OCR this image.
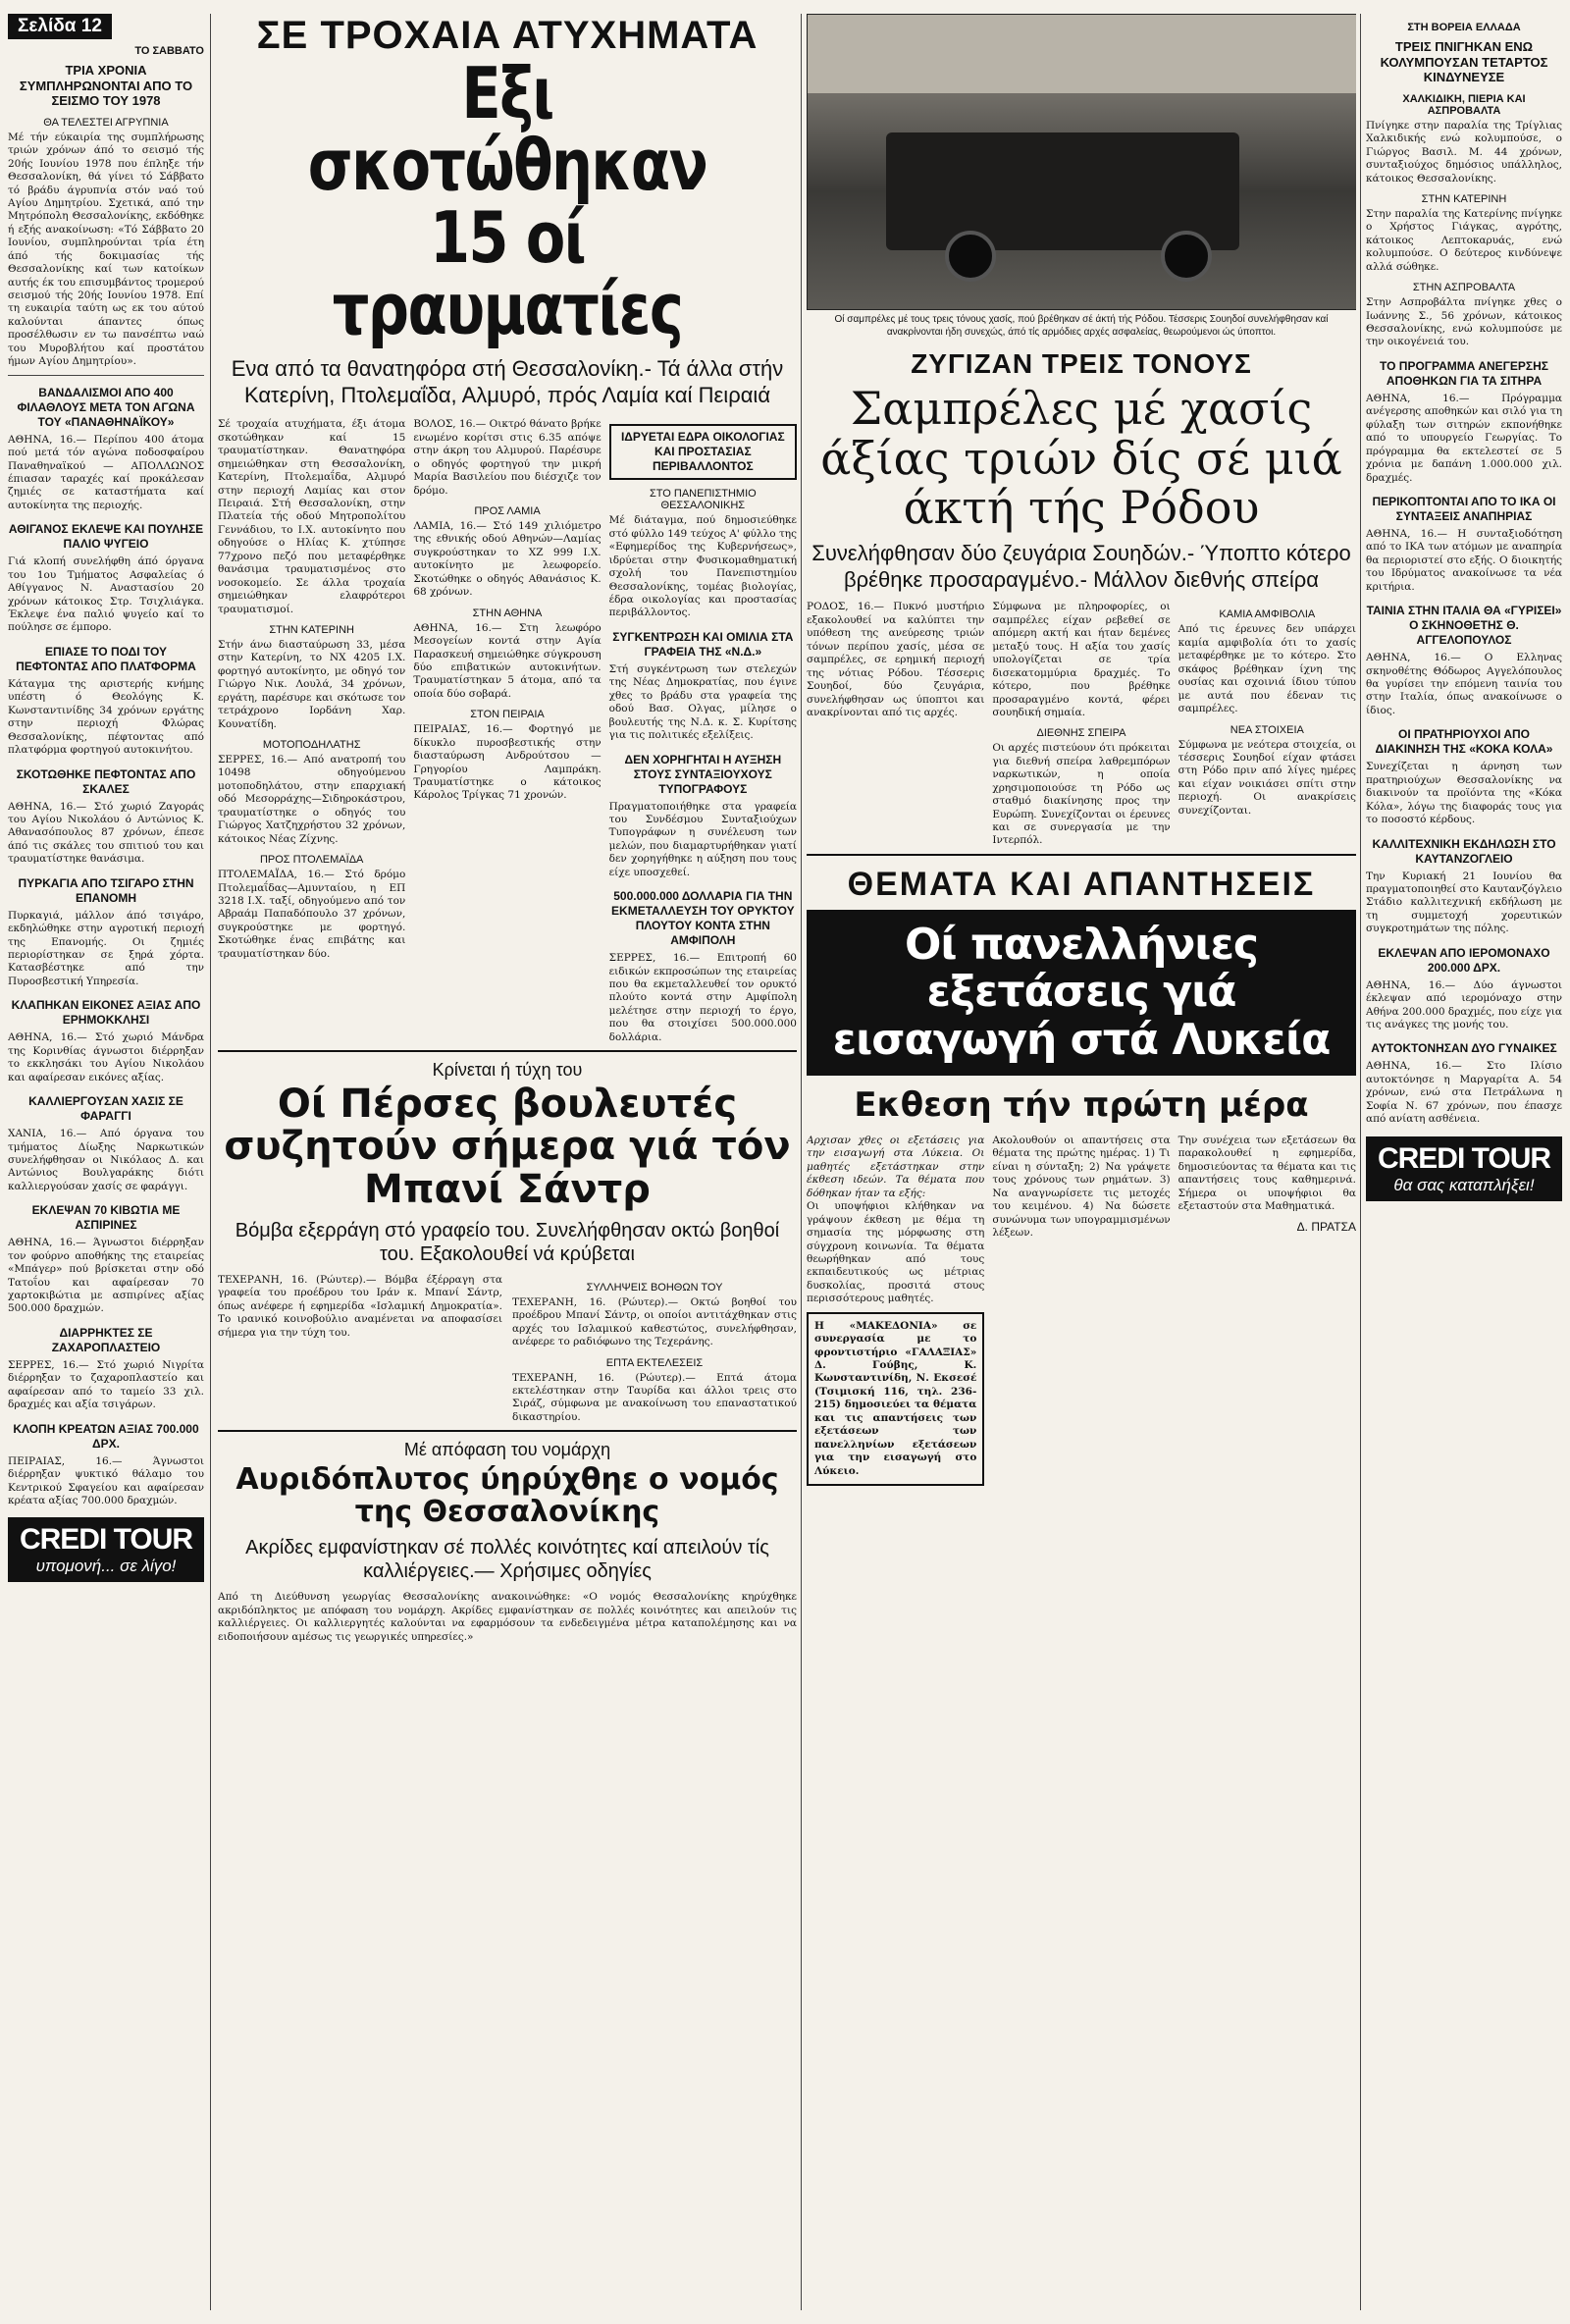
Σελίδα 12
ΤΟ ΣΑΒΒΑΤΟ
ΤΡΙΑ ΧΡΟΝΙΑ ΣΥΜΠΛΗΡΩΝΟΝΤΑΙ ΑΠΟ ΤΟ ΣΕΙΣΜΟ ΤΟΥ 1978
ΘΑ ΤΕΛΕΣΤΕΙ ΑΓΡΥΠΝΙΑ

Μέ τήν εύκαιρία της συμπλήρωσης τριών χρόνων άπό το σεισμό τής 20ής Ιουνίου 1978 που έπληξε τήν Θεσσαλονίκη, θά γίνει τό Σάββατο τό βράδυ άγρυπνία στόν ναό τού Αγίου Δημητρίου. Σχετικά, από την Μητρόπολη Θεσσαλονίκης, εκδόθηκε ή εξής ανακοίνωση: «Τό Σάββατο 20 Ιουνίου, συμπληρούνται τρία έτη άπό τής δοκιμασίας τής Θεσσαλονίκης καί των κατοίκων αυτής έκ του επισυμβάντος τρομερού σεισμού τής 20ής Ιουνίου 1978. Επί τη ευκαιρία ταύτη ως εκ του αύτού καλούνται άπαντες όπως προσέλθωσιν εν τω πανσέπτω ναώ του Μυροβλήτου καί προστάτου ήμων Αγίου Δημητρίου».

ΒΑΝΔΑΛΙΣΜΟΙ ΑΠΟ 400 ΦΙΛΑΘΛΟΥΣ ΜΕΤΑ ΤΟΝ ΑΓΩΝΑ ΤΟΥ «ΠΑΝΑΘΗΝΑΪΚΟΥ»

ΑΘΗΝΑ, 16.— Περίπου 400 άτομα πού μετά τόν αγώνα ποδοσφαίρου Παναθηναϊκού — ΑΠΟΛΛΩΝΟΣ έπιασαν ταραχές καί προκάλεσαν ζημιές σε καταστήματα καί αυτοκίνητα της περιοχής.

ΑΘΙΓΑΝΟΣ ΕΚΛΕΨΕ ΚΑΙ ΠΟΥΛΗΣΕ ΠΑΛΙΟ ΨΥΓΕΙΟ

Γιά κλοπή συνελήφθη άπό όργανα του 1ου Τμήματος Ασφαλείας ό Αθίγγανος Ν. Αναστασίου 20 χρόνων κάτοικος Στρ. Τσιχλιάγκα. Έκλεψε ένα παλιό ψυγείο καί το πούλησε σε έμπορο.

ΕΠΙΑΣΕ ΤΟ ΠΟΔΙ ΤΟΥ ΠΕΦΤΟΝΤΑΣ ΑΠΟ ΠΛΑΤΦΟΡΜΑ

Κάταγμα της αριστερής κνήμης υπέστη ό Θεολόγης Κ. Κωνσταντινίδης 34 χρόνων εργάτης στην περιοχή Φλώρας Θεσσαλονίκης, πέφτοντας από πλατφόρμα φορτηγού αυτοκινήτου.

ΣΚΟΤΩΘΗΚΕ ΠΕΦΤΟΝΤΑΣ ΑΠΟ ΣΚΑΛΕΣ

ΑΘΗΝΑ, 16.— Στό χωριό Ζαγοράς του Αγίου Νικολάου ό Αντώνιος Κ. Αθανασόπουλος 87 χρόνων, έπεσε άπό τις σκάλες του σπιτιού του και τραυματίστηκε θανάσιμα.

ΠΥΡΚΑΓΙΑ ΑΠΟ ΤΣΙΓΑΡΟ ΣΤΗΝ ΕΠΑΝΟΜΗ

Πυρκαγιά, μάλλον άπό τσιγάρο, εκδηλώθηκε στην αγροτική περιοχή της Επανομής. Οι ζημιές περιορίστηκαν σε ξηρά χόρτα. Κατασβέστηκε από την Πυροσβεστική Υπηρεσία.

ΚΛΑΠΗΚΑΝ ΕΙΚΟΝΕΣ ΑΞΙΑΣ ΑΠΟ ΕΡΗΜΟΚΚΛΗΣΙ

ΑΘΗΝΑ, 16.— Στό χωριό Μάνδρα της Κορινθίας άγνωστοι διέρρηξαν το εκκλησάκι του Αγίου Νικολάου και αφαίρεσαν εικόνες αξίας.

ΚΑΛΛΙΕΡΓΟΥΣΑΝ ΧΑΣΙΣ ΣΕ ΦΑΡΑΓΓΙ

ΧΑΝΙΑ, 16.— Από όργανα του τμήματος Δίωξης Ναρκωτικών συνελήφθησαν οι Νικόλαος Δ. και Αντώνιος Βουλγαράκης διότι καλλιεργούσαν χασίς σε φαράγγι.

ΕΚΛΕΨΑΝ 70 ΚΙΒΩΤΙΑ ΜΕ ΑΣΠΙΡΙΝΕΣ

ΑΘΗΝΑ, 16.— Άγνωστοι διέρρηξαν τον φούρνο αποθήκης της εταιρείας «Μπάγερ» πού βρίσκεται στην οδό Τατοΐου και αφαίρεσαν 70 χαρτοκιβώτια με ασπιρίνες αξίας 500.000 δραχμών.

ΔΙΑΡΡΗΚΤΕΣ ΣΕ ΖΑΧΑΡΟΠΛΑΣΤΕΙΟ

ΣΕΡΡΕΣ, 16.— Στό χωριό Νιγρίτα διέρρηξαν το ζαχαροπλαστείο και αφαίρεσαν από το ταμείο 33 χιλ. δραχμές και αξία τσιγάρων.

ΚΛΟΠΗ ΚΡΕΑΤΩΝ ΑΞΙΑΣ 700.000 ΔΡΧ.

ΠΕΙΡΑΙΑΣ, 16.— Άγνωστοι διέρρηξαν ψυκτικό θάλαμο του Κεντρικού Σφαγείου και αφαίρεσαν κρέατα αξίας 700.000 δραχμών.

CREDI TOUR
υπομονή... σε λίγο!
ΣΕ ΤΡΟΧΑΙΑ ΑΤΥΧΗΜΑΤΑ
Εξι σκοτώθηκαν 15 οί τραυματίες
Ενα από τα θανατηφόρα στή Θεσσαλονίκη.- Τά άλλα στήν Κατερίνη, Πτολεμαΐδα, Αλμυρό, πρός Λαμία καί Πειραιά

Σέ τροχαία ατυχήματα, έξι άτομα σκοτώθηκαν καί 15 τραυματίστηκαν. Θανατηφόρα σημειώθηκαν στη Θεσσαλονίκη, Κατερίνη, Πτολεμαΐδα, Αλμυρό στην περιοχή Λαμίας και στον Πειραιά. Στή Θεσσαλονίκη, στην Πλατεία τής οδού Μητροπολίτου Γεννάδιου, το Ι.Χ. αυτοκίνητο που οδηγούσε ο Ηλίας Κ. χτύπησε 77χρονο πεζό που μεταφέρθηκε θανάσιμα τραυματισμένος στο νοσοκομείο. Σε άλλα τροχαία σημειώθηκαν ελαφρότεροι τραυματισμοί.

ΣΤΗΝ ΚΑΤΕΡΙΝΗ

Στήν άνω διασταύρωση 33, μέσα στην Κατερίνη, το ΝΧ 4205 Ι.Χ. φορτηγό αυτοκίνητο, με οδηγό τον Γιώργο Νικ. Λουλά, 34 χρόνων, εργάτη, παρέσυρε και σκότωσε τον τετράχρονο Ιορδάνη Χαρ. Κουνατίδη.

ΜΟΤΟΠΟΔΗΛΑΤΗΣ

ΣΕΡΡΕΣ, 16.— Από ανατροπή του 10498 οδηγούμενου μοτοποδηλάτου, στην επαρχιακή οδό Μεσορράχης—Σιδηροκάστρου, τραυματίστηκε ο οδηγός του Γιώργος Χατζηχρήστου 32 χρόνων, κάτοικος Νέας Ζίχνης.

ΠΡΟΣ ΠΤΟΛΕΜΑΪΔΑ

ΠΤΟΛΕΜΑΪΔΑ, 16.— Στό δρόμο Πτολεμαΐδας—Αμυνταίου, η ΕΠ 3218 Ι.Χ. ταξί, οδηγούμενο από τον Αβραάμ Παπαδόπουλο 37 χρόνων, συγκρούστηκε με φορτηγό. Σκοτώθηκε ένας επιβάτης και τραυματίστηκαν δύο.

ΒΟΛΟΣ, 16.— Οικτρό θάνατο βρήκε ενωμένο κορίτσι στις 6.35 απόψε στην άκρη του Αλμυρού. Παρέσυρε ο οδηγός φορτηγού την μικρή Μαρία Βασιλείου που διέσχιζε τον δρόμο.

ΠΡΟΣ ΛΑΜΙΑ

ΛΑΜΙΑ, 16.— Στό 149 χιλιόμετρο της εθνικής οδού Αθηνών—Λαμίας συγκρούστηκαν το ΧΖ 999 Ι.Χ. αυτοκίνητο με λεωφορείο. Σκοτώθηκε ο οδηγός Αθανάσιος Κ. 68 χρόνων.

ΣΤΗΝ ΑΘΗΝΑ

ΑΘΗΝΑ, 16.— Στη λεωφόρο Μεσογείων κοντά στην Αγία Παρασκευή σημειώθηκε σύγκρουση δύο επιβατικών αυτοκινήτων. Τραυματίστηκαν 5 άτομα, από τα οποία δύο σοβαρά.

ΣΤΟΝ ΠΕΙΡΑΙΑ

ΠΕΙΡΑΙΑΣ, 16.— Φορτηγό με δίκυκλο πυροσβεστικής στην διασταύρωση Ανδρούτσου — Γρηγορίου Λαμπράκη. Τραυματίστηκε ο κάτοικος Κάρολος Τρίγκας 71 χρονών.

ΙΔΡΥΕΤΑΙ ΕΔΡΑ ΟΙΚΟΛΟΓΙΑΣ ΚΑΙ ΠΡΟΣΤΑΣΙΑΣ ΠΕΡΙΒΑΛΛΟΝΤΟΣ
ΣΤΟ ΠΑΝΕΠΙΣΤΗΜΙΟ ΘΕΣΣΑΛΟΝΙΚΗΣ

Μέ διάταγμα, πού δημοσιεύθηκε στό φύλλο 149 τεύχος Α' φύλλο της «Εφημερίδος της Κυβερνήσεως», ιδρύεται στην Φυσικομαθηματική σχολή του Πανεπιστημίου Θεσσαλονίκης, τομέας βιολογίας, έδρα οικολογίας και προστασίας περιβάλλοντος.

ΣΥΓΚΕΝΤΡΩΣΗ ΚΑΙ ΟΜΙΛΙΑ ΣΤΑ ΓΡΑΦΕΙΑ ΤΗΣ «Ν.Δ.»

Στή συγκέντρωση των στελεχών της Νέας Δημοκρατίας, που έγινε χθες το βράδυ στα γραφεία της οδού Βασ. Ολγας, μίλησε ο βουλευτής της Ν.Δ. κ. Σ. Κυρίτσης για τις πολιτικές εξελίξεις.

ΔΕΝ ΧΟΡΗΓΗΤΑΙ Η ΑΥΞΗΣΗ ΣΤΟΥΣ ΣΥΝΤΑΞΙΟΥΧΟΥΣ ΤΥΠΟΓΡΑΦΟΥΣ

Πραγματοποιήθηκε στα γραφεία του Συνδέσμου Συνταξιούχων Τυπογράφων η συνέλευση των μελών, που διαμαρτυρήθηκαν γιατί δεν χορηγήθηκε η αύξηση που τους είχε υποσχεθεί.

500.000.000 ΔΟΛΛΑΡΙΑ ΓΙΑ ΤΗΝ ΕΚΜΕΤΑΛΛΕΥΣΗ ΤΟΥ ΟΡΥΚΤΟΥ ΠΛΟΥΤΟΥ ΚΟΝΤΑ ΣΤΗΝ ΑΜΦΙΠΟΛΗ

ΣΕΡΡΕΣ, 16.— Επιτροπή 60 ειδικών εκπροσώπων της εταιρείας που θα εκμεταλλευθεί τον ορυκτό πλούτο κοντά στην Αμφίπολη μελέτησε στην περιοχή το έργο, που θα στοιχίσει 500.000.000 δολλάρια.

Κρίνεται ή τύχη του
Οί Πέρσες βουλευτές συζητούν σήμερα γιά τόν Μπανί Σάντρ
Βόμβα εξερράγη στό γραφείο του. Συνελήφθησαν οκτώ βοηθοί του. Εξακολουθεί νά κρύβεται

ΤΕΧΕΡΑΝΗ, 16. (Ρώυτερ).— Βόμβα έξέρραγη στα γραφεία του προέδρου του Ιράν κ. Μπανί Σάντρ, όπως ανέφερε ή εφημερίδα «Ισλαμική Δημοκρατία». Το ιρανικό κοινοβούλιο αναμένεται να αποφασίσει σήμερα για την τύχη του.

ΣΥΛΛΗΨΕΙΣ ΒΟΗΘΩΝ ΤΟΥ

ΤΕΧΕΡΑΝΗ, 16. (Ρώυτερ).— Οκτώ βοηθοί του προέδρου Μπανί Σάντρ, οι οποίοι αντιτάχθηκαν στις αρχές του Ισλαμικού καθεστώτος, συνελήφθησαν, ανέφερε το ραδιόφωνο της Τεχεράνης.

ΕΠΤΑ ΕΚΤΕΛΕΣΕΙΣ

ΤΕΧΕΡΑΝΗ, 16. (Ρώυτερ).— Επτά άτομα εκτελέστηκαν στην Ταυρίδα και άλλοι τρεις στο Σιράζ, σύμφωνα με ανακοίνωση του επαναστατικού δικαστηρίου.

Μέ απόφαση του νομάρχη
Αυριδόπλυτος ύηρύχθηε ο νομός της Θεσσαλονίκης
Ακρίδες εμφανίστηκαν σέ πολλές κοινότητες καί απειλούν τίς καλλιέργειες.— Χρήσιμες οδηγίες

Από τη Διεύθυνση γεωργίας Θεσσαλονίκης ανακοινώθηκε: «Ο νομός Θεσσαλονίκης κηρύχθηκε ακριδόπληκτος με απόφαση του νομάρχη. Ακρίδες εμφανίστηκαν σε πολλές κοινότητες και απειλούν τις καλλιέργειες. Οι καλλιεργητές καλούνται να εφαρμόσουν τα ενδεδειγμένα μέτρα καταπολέμησης και να ειδοποιήσουν αμέσως τις γεωργικές υπηρεσίες.»

Οί σαμπρέλες μέ τους τρεις τόνους χασίς, πού βρέθηκαν σέ άκτή τής Ρόδου. Τέσσερις Σουηδοί συνελήφθησαν καί ανακρίνονται ήδη συνεχώς, άπό τίς αρμόδιες αρχές ασφαλείας, θεωρούμενοι ώς ύποπτοι.
ΖΥΓΙΖΑΝ ΤΡΕΙΣ ΤΟΝΟΥΣ
Σαμπρέλες μέ χασίς άξίας τριών δίς σέ μιά άκτή τής Ρόδου
Συνελήφθησαν δύο ζευγάρια Σουηδών.- Ύποπτο κότερο βρέθηκε προσαραγμένο.- Μάλλον διεθνής σπείρα

ΡΟΔΟΣ, 16.— Πυκνό μυστήριο εξακολουθεί να καλύπτει την υπόθεση της ανεύρεσης τριών τόνων περίπου χασίς, μέσα σε σαμπρέλες, σε ερημική περιοχή της νότιας Ρόδου. Τέσσερις Σουηδοί, δύο ζευγάρια, συνελήφθησαν ως ύποπτοι και ανακρίνονται από τις αρχές.

Σύμφωνα με πληροφορίες, οι σαμπρέλες είχαν ρεβεθεί σε απόμερη ακτή και ήταν δεμένες μεταξύ τους. Η αξία του χασίς υπολογίζεται σε τρία δισεκατομμύρια δραχμές. Το κότερο, που βρέθηκε προσαραγμένο κοντά, φέρει σουηδική σημαία.

ΔΙΕΘΝΗΣ ΣΠΕΙΡΑ

Οι αρχές πιστεύουν ότι πρόκειται για διεθνή σπείρα λαθρεμπόρων ναρκωτικών, η οποία χρησιμοποιούσε τη Ρόδο ως σταθμό διακίνησης προς την Ευρώπη. Συνεχίζονται οι έρευνες και σε συνεργασία με την Ιντερπόλ.

ΚΑΜΙΑ ΑΜΦΙΒΟΛΙΑ

Από τις έρευνες δεν υπάρχει καμία αμφιβολία ότι το χασίς μεταφέρθηκε με το κότερο. Στο σκάφος βρέθηκαν ίχνη της ουσίας και σχοινιά ίδιου τύπου με αυτά που έδεναν τις σαμπρέλες.

ΝΕΑ ΣΤΟΙΧΕΙΑ

Σύμφωνα με νεότερα στοιχεία, οι τέσσερις Σουηδοί είχαν φτάσει στη Ρόδο πριν από λίγες ημέρες και είχαν νοικιάσει σπίτι στην περιοχή. Οι ανακρίσεις συνεχίζονται.

ΘΕΜΑΤΑ ΚΑΙ ΑΠΑΝΤΗΣΕΙΣ
Οί πανελλήνιες εξετάσεις γιά εισαγωγή στά Λυκεία
Εκθεση τήν πρώτη μέρα

Αρχισαν χθες οι εξετάσεις για την εισαγωγή στα Λύκεια. Οι μαθητές εξετάστηκαν στην έκθεση ιδεών. Τα θέματα που δόθηκαν ήταν τα εξής:

Οι υποψήφιοι κλήθηκαν να γράψουν έκθεση με θέμα τη σημασία της μόρφωσης στη σύγχρονη κοινωνία. Τα θέματα θεωρήθηκαν από τους εκπαιδευτικούς ως μέτριας δυσκολίας, προσιτά στους περισσότερους μαθητές.

Η «ΜΑΚΕΔΟΝΙΑ» σε συνεργασία με το φροντιστήριο «ΓΑΛΑΞΙΑΣ» Δ. Γούβης, Κ. Κωνσταντινίδη, Ν. Εκσεσέ (Τσιμισκή 116, τηλ. 236-215) δημοσιεύει τα θέματα και τις απαντήσεις των εξετάσεων των πανελληνίων εξετάσεων για την εισαγωγή στο Λύκειο.

Ακολουθούν οι απαντήσεις στα θέματα της πρώτης ημέρας. 1) Τι είναι η σύνταξη; 2) Να γράψετε τους χρόνους των ρημάτων. 3) Να αναγνωρίσετε τις μετοχές του κειμένου. 4) Να δώσετε συνώνυμα των υπογραμμισμένων λέξεων.

Την συνέχεια των εξετάσεων θα παρακολουθεί η εφημερίδα, δημοσιεύοντας τα θέματα και τις απαντήσεις τους καθημερινά. Σήμερα οι υποψήφιοι θα εξεταστούν στα Μαθηματικά.

Δ. ΠΡΑΤΣΑ
ΣΤΗ ΒΟΡΕΙΑ ΕΛΛΑΔΑ
ΤΡΕΙΣ ΠΝΙΓΗΚΑΝ ΕΝΩ ΚΟΛΥΜΠΟΥΣΑΝ ΤΕΤΑΡΤΟΣ ΚΙΝΔΥΝΕΥΣΕ
ΧΑΛΚΙΔΙΚΗ, ΠΙΕΡΙΑ ΚΑΙ ΑΣΠΡΟΒΑΛΤΑ

Πνίγηκε στην παραλία της Τρίγλιας Χαλκιδικής ενώ κολυμπούσε, ο Γιώργος Βασιλ. Μ. 44 χρόνων, συνταξιούχος δημόσιος υπάλληλος, κάτοικος Θεσσαλονίκης.

ΣΤΗΝ ΚΑΤΕΡΙΝΗ

Στην παραλία της Κατερίνης πνίγηκε ο Χρήστος Γιάγκας, αγρότης, κάτοικος Λεπτοκαρυάς, ενώ κολυμπούσε. Ο δεύτερος κινδύνεψε αλλά σώθηκε.

ΣΤΗΝ ΑΣΠΡΟΒΑΛΤΑ

Στην Ασπροβάλτα πνίγηκε χθες ο Ιωάννης Σ., 56 χρόνων, κάτοικος Θεσσαλονίκης, ενώ κολυμπούσε με την οικογένειά του.

ΤΟ ΠΡΟΓΡΑΜΜΑ ΑΝΕΓΕΡΣΗΣ ΑΠΟΘΗΚΩΝ ΓΙΑ ΤΑ ΣΙΤΗΡΑ

ΑΘΗΝΑ, 16.— Πρόγραμμα ανέγερσης αποθηκών και σιλό για τη φύλαξη των σιτηρών εκπονήθηκε από το υπουργείο Γεωργίας. Το πρόγραμμα θα εκτελεστεί σε 5 χρόνια με δαπάνη 1.000.000 χιλ. δραχμές.

ΠΕΡΙΚΟΠΤΟΝΤΑΙ ΑΠΟ ΤΟ ΙΚΑ ΟΙ ΣΥΝΤΑΞΕΙΣ ΑΝΑΠΗΡΙΑΣ

ΑΘΗΝΑ, 16.— Η συνταξιοδότηση από το ΙΚΑ των ατόμων με αναπηρία θα περιοριστεί στο εξής. Ο διοικητής του Ιδρύματος ανακοίνωσε τα νέα κριτήρια.

ΤΑΙΝΙΑ ΣΤΗΝ ΙΤΑΛΙΑ ΘΑ «ΓΥΡΙΣΕΙ» Ο ΣΚΗΝΟΘΕΤΗΣ Θ. ΑΓΓΕΛΟΠΟΥΛΟΣ

ΑΘΗΝΑ, 16.— Ο Ελληνας σκηνοθέτης Θόδωρος Αγγελόπουλος θα γυρίσει την επόμενη ταινία του στην Ιταλία, όπως ανακοίνωσε ο ίδιος.

ΟΙ ΠΡΑΤΗΡΙΟΥΧΟΙ ΑΠΟ ΔΙΑΚΙΝΗΣΗ ΤΗΣ «ΚΟΚΑ ΚΟΛΑ»

Συνεχίζεται η άρνηση των πρατηριούχων Θεσσαλονίκης να διακινούν τα προϊόντα της «Κόκα Κόλα», λόγω της διαφοράς τους για το ποσοστό κέρδους.

ΚΑΛΛΙΤΕΧΝΙΚΗ ΕΚΔΗΛΩΣΗ ΣΤΟ ΚΑΥΤΑΝΖΟΓΛΕΙΟ

Την Κυριακή 21 Ιουνίου θα πραγματοποιηθεί στο Καυτανζόγλειο Στάδιο καλλιτεχνική εκδήλωση με τη συμμετοχή χορευτικών συγκροτημάτων της πόλης.

ΕΚΛΕΨΑΝ ΑΠΟ ΙΕΡΟΜΟΝΑΧΟ 200.000 ΔΡΧ.

ΑΘΗΝΑ, 16.— Δύο άγνωστοι έκλεψαν από ιερομόναχο στην Αθήνα 200.000 δραχμές, που είχε για τις ανάγκες της μονής του.

ΑΥΤΟΚΤΟΝΗΣΑΝ ΔΥΟ ΓΥΝΑΙΚΕΣ

ΑΘΗΝΑ, 16.— Στο Ιλίσιο αυτοκτόνησε η Μαργαρίτα Α. 54 χρόνων, ενώ στα Πετράλωνα η Σοφία Ν. 67 χρόνων, που έπασχε από ανίατη ασθένεια.

CREDI TOUR
θα σας καταπλήξει!
